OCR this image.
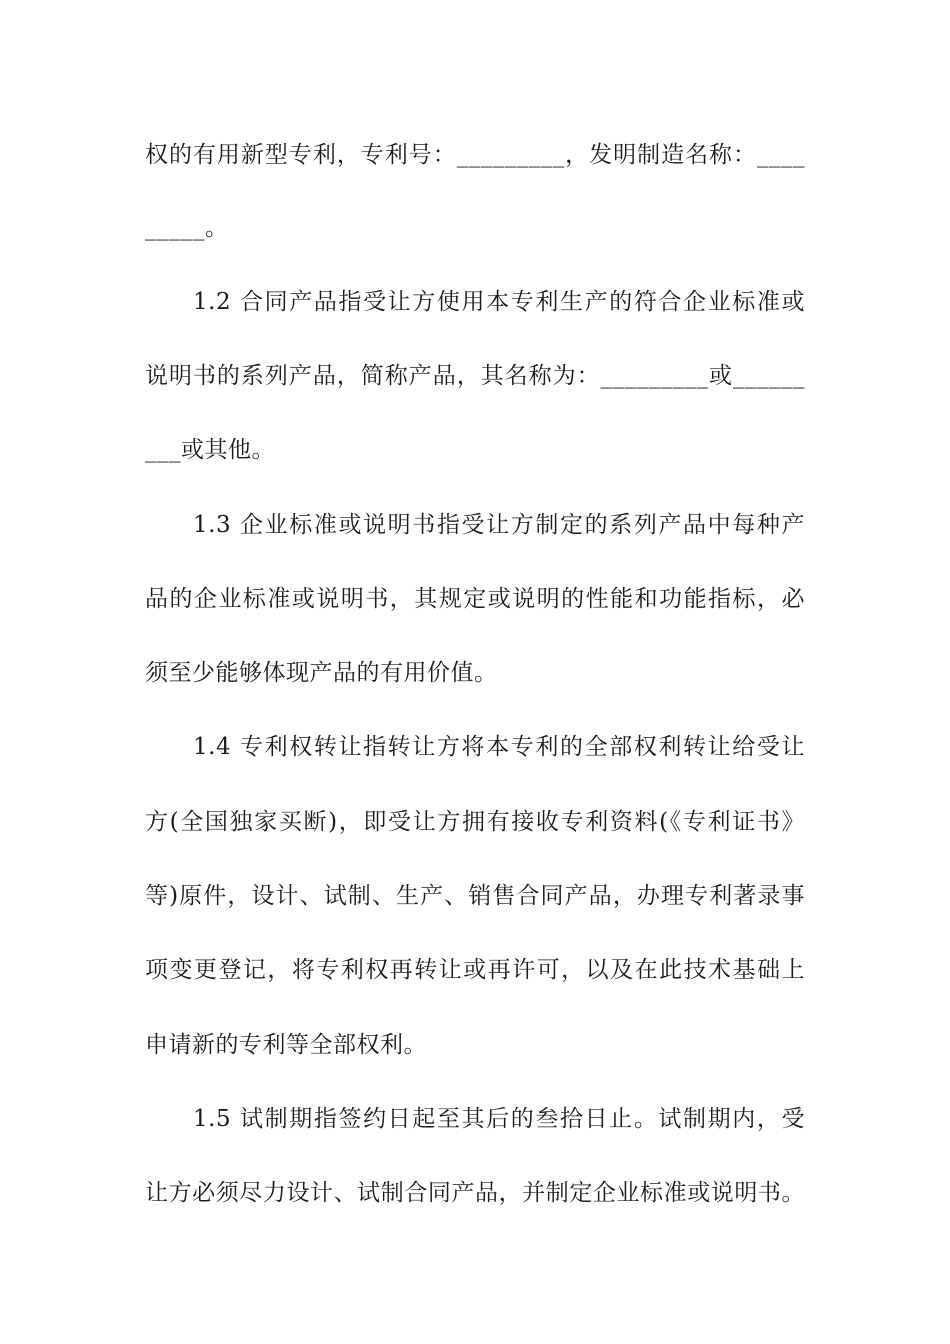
权的有用新型专利，专利号：_________，发明制造名称：____
_____。
1.2 合同产品指受让方使用本专利生产的符合企业标准或
说明书的系列产品，简称产品，其名称为：_________或______
___或其他。
1.3 企业标准或说明书指受让方制定的系列产品中每种产
品的企业标准或说明书，其规定或说明的性能和功能指标，必
须至少能够体现产品的有用价值。
1.4 专利权转让指转让方将本专利的全部权利转让给受让
方(全国独家买断)，即受让方拥有接收专利资料(《专利证书》
等)原件，设计、试制、生产、销售合同产品，办理专利著录事
项变更登记，将专利权再转让或再许可，以及在此技术基础上
申请新的专利等全部权利。
1.5 试制期指签约日起至其后的叁拾日止。试制期内，受
让方必须尽力设计、试制合同产品，并制定企业标准或说明书。
